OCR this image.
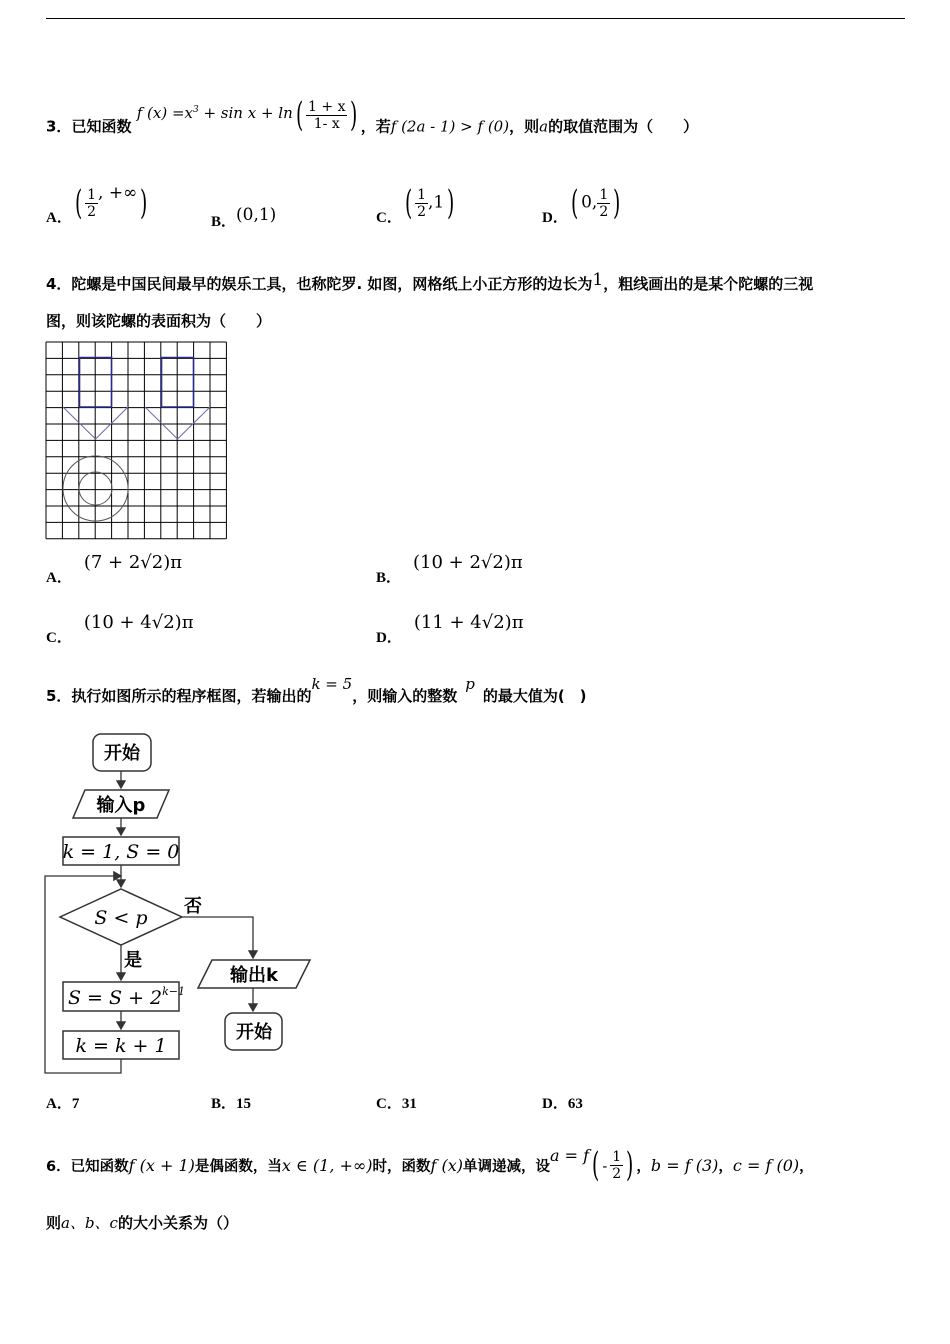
3．已知函数 f $(x) =x^3 + \sin x + \ln( \frac{1 + x}{1- x}$ ) ，若f (2a - 1) > f (0)，则a的取值范围为（　　）
A．( $\frac{1}{2}$ , +∞)	B．(0,1)	C．( $\frac{1}{2} ,1$)	D．( 0, $\frac{1}{2}$ )
4．陀螺是中国民间最早的娱乐工具，也称陀罗. 如图，网格纸上小正方形的边长为1，粗线画出的是某个陀螺的三视
图，则该陀螺的表面积为（　　）
A．(7 + 2√2)π
B．(10 + 2√2)π
C．(10 + 4√2)π
D．(11 + 4√2)π
5．执行如图所示的程序框图，若输出的k = 5，则输入的整数p的最大值为(　)
开始
输入p
k = 1, S = 0
S < p
否
是
输出k
开始
$S = S + 2^{k-1}$
k = k + 1
A．7	B．15	C．31	D．63
6．已知函数f (x + 1)是偶函数，当x ∈ (1, +∞)时，函数f (x)单调递减，设$a = f( - \frac{1}{2}$ ) ，b = f (3)，c = f (0)，
则a、b、c的大小关系为（）
